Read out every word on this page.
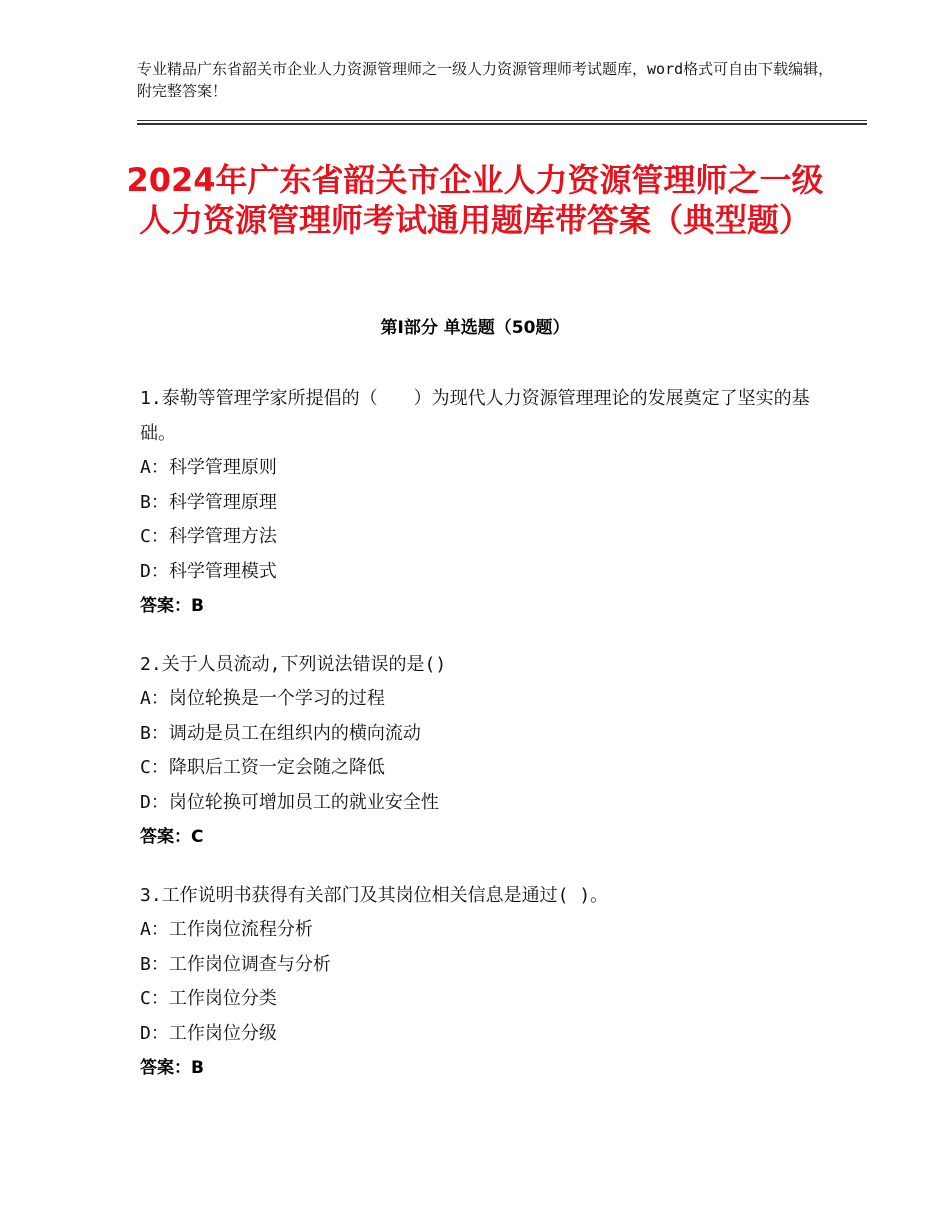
专业精品广东省韶关市企业人力资源管理师之一级人力资源管理师考试题库，word格式可自由下载编辑，附完整答案！
2024年广东省韶关市企业人力资源管理师之一级人力资源管理师考试通用题库带答案（典型题）
第Ⅰ部分 单选题（50题）
1.泰勒等管理学家所提倡的（　　）为现代人力资源管理理论的发展奠定了坚实的基础。
A：科学管理原则
B：科学管理原理
C：科学管理方法
D：科学管理模式
答案：B
2.关于人员流动,下列说法错误的是()
A：岗位轮换是一个学习的过程
B：调动是员工在组织内的横向流动
C：降职后工资一定会随之降低
D：岗位轮换可增加员工的就业安全性
答案：C
3.工作说明书获得有关部门及其岗位相关信息是通过( )。
A：工作岗位流程分析
B：工作岗位调查与分析
C：工作岗位分类
D：工作岗位分级
答案：B
